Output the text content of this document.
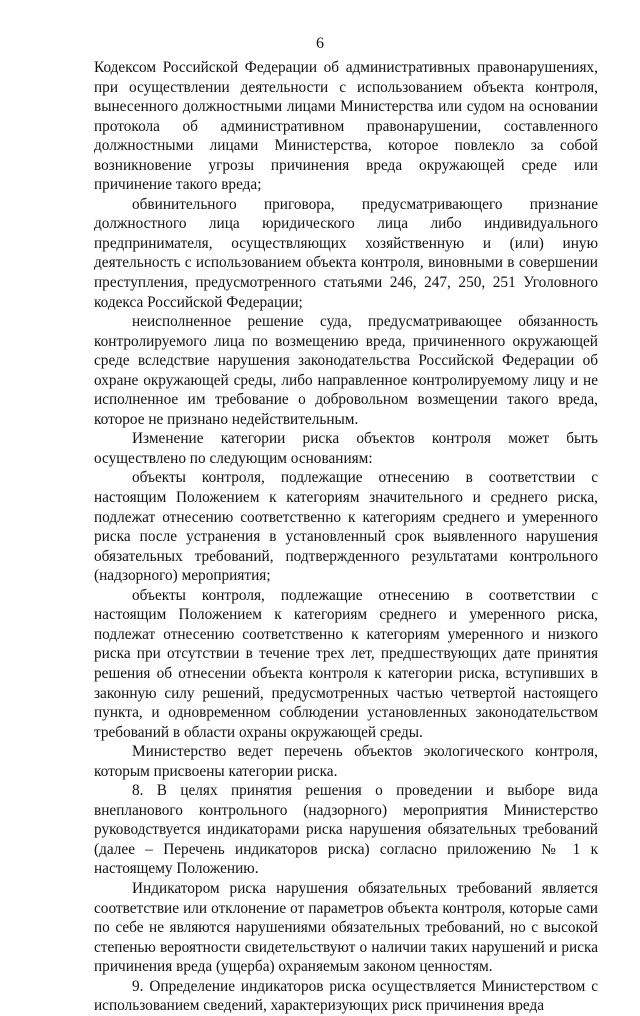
6

Кодексом Российской Федерации об административных правонарушениях, при осуществлении деятельности с использованием объекта контроля, вынесенного должностными лицами Министерства или судом на основании протокола об административном правонарушении, составленного должностными лицами Министерства, которое повлекло за собой возникновение угрозы причинения вреда окружающей среде или причинение такого вреда;

обвинительного приговора, предусматривающего признание должностного лица юридического лица либо индивидуального предпринимателя, осуществляющих хозяйственную и (или) иную деятельность с использованием объекта контроля, виновными в совершении преступления, предусмотренного статьями 246, 247, 250, 251 Уголовного кодекса Российской Федерации;

неисполненное решение суда, предусматривающее обязанность контролируемого лица по возмещению вреда, причиненного окружающей среде вследствие нарушения законодательства Российской Федерации об охране окружающей среды, либо направленное контролируемому лицу и не исполненное им требование о добровольном возмещении такого вреда, которое не признано недействительным.

Изменение категории риска объектов контроля может быть осуществлено по следующим основаниям:

объекты контроля, подлежащие отнесению в соответствии с настоящим Положением к категориям значительного и среднего риска, подлежат отнесению соответственно к категориям среднего и умеренного риска после устранения в установленный срок выявленного нарушения обязательных требований, подтвержденного результатами контрольного (надзорного) мероприятия;

объекты контроля, подлежащие отнесению в соответствии с настоящим Положением к категориям среднего и умеренного риска, подлежат отнесению соответственно к категориям умеренного и низкого риска при отсутствии в течение трех лет, предшествующих дате принятия решения об отнесении объекта контроля к категории риска, вступивших в законную силу решений, предусмотренных частью четвертой настоящего пункта, и одновременном соблюдении установленных законодательством требований в области охраны окружающей среды.

Министерство ведет перечень объектов экологического контроля, которым присвоены категории риска.

8. В целях принятия решения о проведении и выборе вида внепланового контрольного (надзорного) мероприятия Министерство руководствуется индикаторами риска нарушения обязательных требований (далее – Перечень индикаторов риска) согласно приложению № 1 к настоящему Положению.

Индикатором риска нарушения обязательных требований является соответствие или отклонение от параметров объекта контроля, которые сами по себе не являются нарушениями обязательных требований, но с высокой степенью вероятности свидетельствуют о наличии таких нарушений и риска причинения вреда (ущерба) охраняемым законом ценностям.

9. Определение индикаторов риска осуществляется Министерством с использованием сведений, характеризующих риск причинения вреда
